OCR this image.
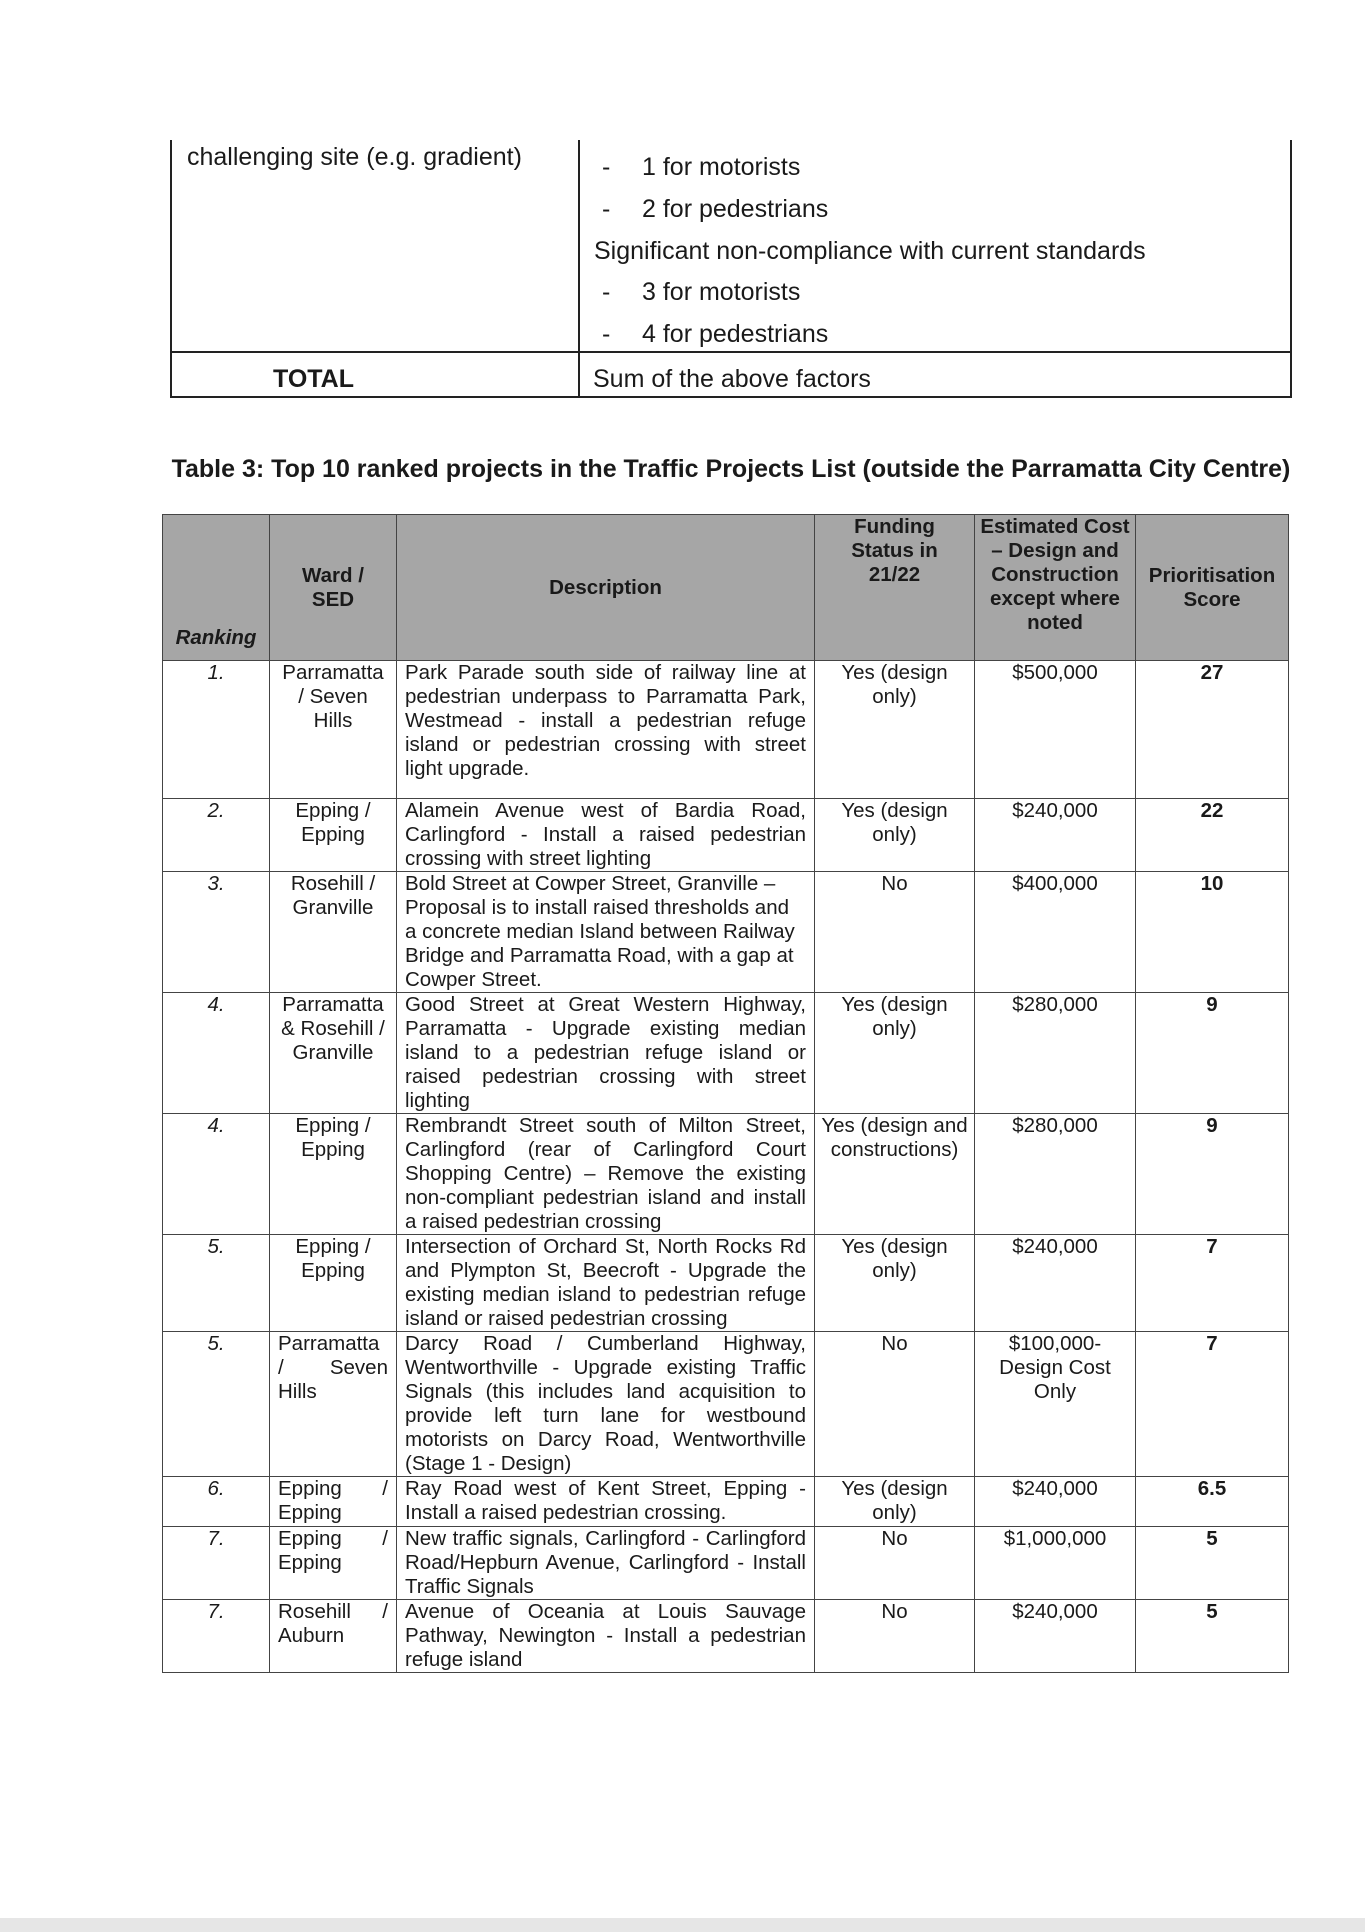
challenging site (e.g. gradient)	- 1 for motorists
- 2 for pedestrians
Significant non-compliance with current standards
- 3 for motorists
- 4 for pedestrians
TOTAL	Sum of the above factors
Table 3: Top 10 ranked projects in the Traffic Projects List (outside the Parramatta City Centre)
Ranking	Ward / SED	Description	Funding Status in 21/22	Estimated Cost – Design and Construction except where noted	Prioritisation Score
1.	Parramatta / Seven Hills	Park Parade south side of railway line at pedestrian underpass to Parramatta Park, Westmead - install a pedestrian refuge island or pedestrian crossing with street light upgrade.	Yes (design only)	$500,000	27
2.	Epping / Epping	Alamein Avenue west of Bardia Road, Carlingford - Install a raised pedestrian crossing with street lighting	Yes (design only)	$240,000	22
3.	Rosehill / Granville	Bold Street at Cowper Street, Granville – Proposal is to install raised thresholds and a concrete median Island between Railway Bridge and Parramatta Road, with a gap at Cowper Street.	No	$400,000	10
4.	Parramatta & Rosehill / Granville	Good Street at Great Western Highway, Parramatta - Upgrade existing median island to a pedestrian refuge island or raised pedestrian crossing with street lighting	Yes (design only)	$280,000	9
4.	Epping / Epping	Rembrandt Street south of Milton Street, Carlingford (rear of Carlingford Court Shopping Centre) – Remove the existing non-compliant pedestrian island and install a raised pedestrian crossing	Yes (design and constructions)	$280,000	9
5.	Epping / Epping	Intersection of Orchard St, North Rocks Rd and Plympton St, Beecroft - Upgrade the existing median island to pedestrian refuge island or raised pedestrian crossing	Yes (design only)	$240,000	7
5.	Parramatta / Seven Hills	Darcy Road / Cumberland Highway, Wentworthville - Upgrade existing Traffic Signals (this includes land acquisition to provide left turn lane for westbound motorists on Darcy Road, Wentworthville (Stage 1 - Design)	No	$100,000-Design Cost Only	7
6.	Epping / Epping	Ray Road west of Kent Street, Epping - Install a raised pedestrian crossing.	Yes (design only)	$240,000	6.5
7.	Epping / Epping	New traffic signals, Carlingford - Carlingford Road/Hepburn Avenue, Carlingford - Install Traffic Signals	No	$1,000,000	5
7.	Rosehill / Auburn	Avenue of Oceania at Louis Sauvage Pathway, Newington - Install a pedestrian refuge island	No	$240,000	5
